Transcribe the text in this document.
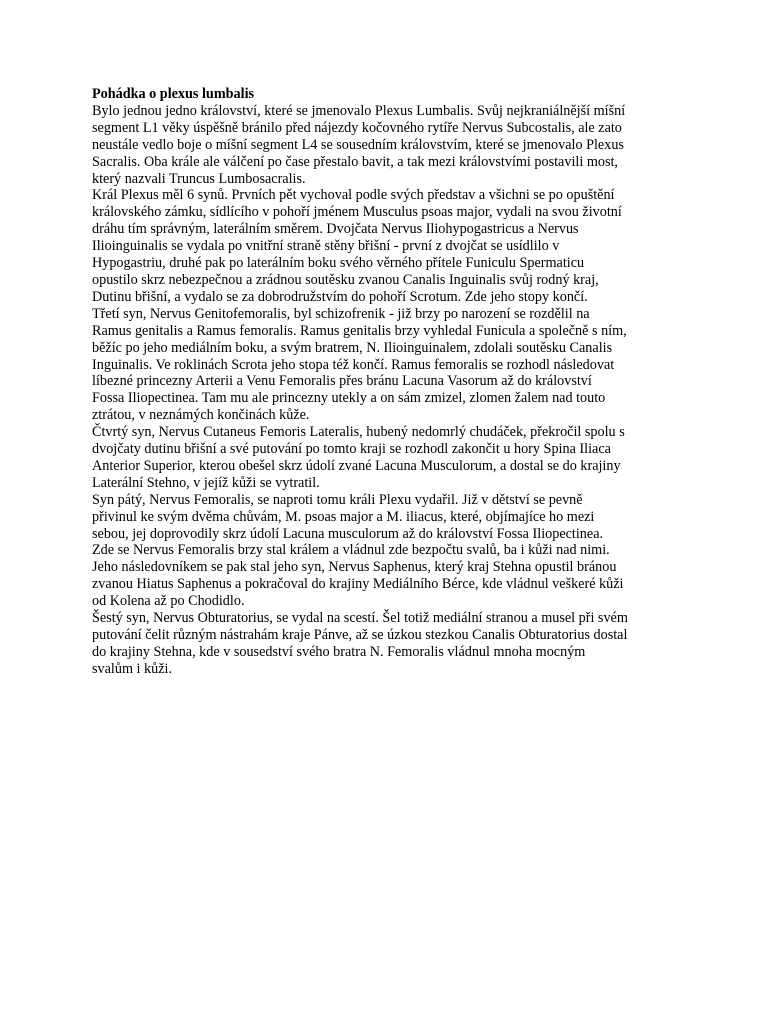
Pohádka o plexus lumbalis
Bylo jednou jedno království, které se jmenovalo Plexus Lumbalis. Svůj nejkraniálnější míšní
segment L1 věky úspěšně bránilo před nájezdy kočovného rytíře Nervus Subcostalis, ale zato
neustále vedlo boje o míšní segment L4 se sousedním královstvím, které se jmenovalo Plexus
Sacralis. Oba krále ale válčení po čase přestalo bavit, a tak mezi královstvími postavili most,
který nazvali Truncus Lumbosacralis.
Král Plexus měl 6 synů. Prvních pět vychoval podle svých představ a všichni se po opuštění
královského zámku, sídlícího v pohoří jménem Musculus psoas major, vydali na svou životní
dráhu tím správným, laterálním směrem. Dvojčata Nervus Iliohypogastricus a Nervus
Ilioinguinalis se vydala po vnitřní straně stěny břišní - první z dvojčat se usídlilo v
Hypogastriu, druhé pak po laterálním boku svého věrného přítele Funiculu Spermaticu
opustilo skrz nebezpečnou a zrádnou soutěsku zvanou Canalis Inguinalis svůj rodný kraj,
Dutinu břišní, a vydalo se za dobrodružstvím do pohoří Scrotum. Zde jeho stopy končí.
Třetí syn, Nervus Genitofemoralis, byl schizofrenik - již brzy po narození se rozdělil na
Ramus genitalis a Ramus femoralis. Ramus genitalis brzy vyhledal Funicula a společně s ním,
běžíc po jeho mediálním boku, a svým bratrem, N. Ilioinguinalem, zdolali soutěsku Canalis
Inguinalis. Ve roklinách Scrota jeho stopa též končí. Ramus femoralis se rozhodl následovat
líbezné princezny Arterii a Venu Femoralis přes bránu Lacuna Vasorum až do království
Fossa Iliopectinea. Tam mu ale princezny utekly a on sám zmizel, zlomen žalem nad touto
ztrátou, v neznámých končinách kůže.
Čtvrtý syn, Nervus Cutaneus Femoris Lateralis, hubený nedomrlý chudáček, překročil spolu s
dvojčaty dutinu břišní a své putování po tomto kraji se rozhodl zakončit u hory Spina Iliaca
Anterior Superior, kterou obešel skrz údolí zvané Lacuna Musculorum, a dostal se do krajiny
Laterální Stehno, v jejíž kůži se vytratil.
Syn pátý, Nervus Femoralis, se naproti tomu králi Plexu vydařil. Již v dětství se pevně
přivinul ke svým dvěma chůvám, M. psoas major a M. iliacus, které, objímajíce ho mezi
sebou, jej doprovodily skrz údolí Lacuna musculorum až do království Fossa Iliopectinea.
Zde se Nervus Femoralis brzy stal králem a vládnul zde bezpočtu svalů, ba i kůži nad nimi.
Jeho následovníkem se pak stal jeho syn, Nervus Saphenus, který kraj Stehna opustil bránou
zvanou Hiatus Saphenus a pokračoval do krajiny Mediálního Bérce, kde vládnul veškeré kůži
od Kolena až po Chodidlo.
Šestý syn, Nervus Obturatorius, se vydal na scestí. Šel totiž mediální stranou a musel při svém
putování čelit různým nástrahám kraje Pánve, až se úzkou stezkou Canalis Obturatorius dostal
do krajiny Stehna, kde v sousedství svého bratra N. Femoralis vládnul mnoha mocným
svalům i kůži.
